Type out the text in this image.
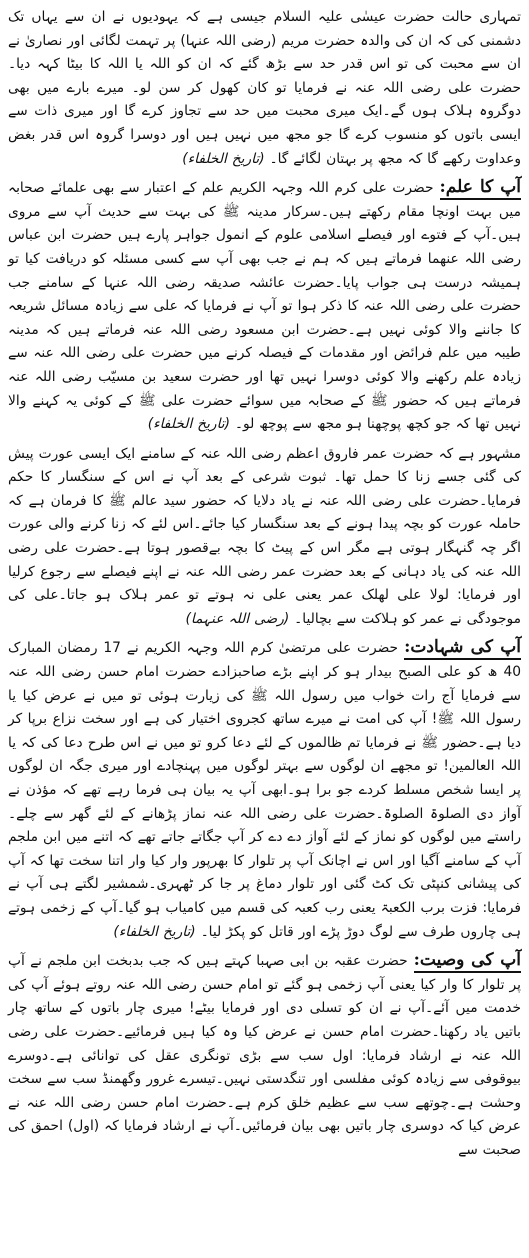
تمہاری حالت حضرت عیسٰی علیہ السلام جیسی ہے کہ یہودیوں نے ان سے یہاں تک دشمنی کی کہ ان کی والدہ حضرت مریم (رضی اللہ عنہا) پر تہمت لگائی اور نصاریٰ نے ان سے محبت کی تو اس قدر حد سے بڑھ گئے کہ ان کو اللہ یا اللہ کا بیٹا کہہ دیا۔حضرت علی رضی اللہ عنہ نے فرمایا تو کان کھول کر سن لو۔ میرے بارے میں بھی دوگروہ ہلاک ہوں گے۔ایک میری محبت میں حد سے تجاوز کرے گا اور میری ذات سے ایسی باتوں کو منسوب کرے گا جو مجھ میں نہیں ہیں اور دوسرا گروہ اس قدر بغض وعداوت رکھے گا کہ مجھ پر بہتان لگائے گا۔ (تاریخ الخلفاء)

آپ کا علم:حضرت علی کرم اللہ وجہہ الکریم علم کے اعتبار سے بھی علمائے صحابہ میں بہت اونچا مقام رکھتے ہیں۔سرکار مدینہ ﷺ کی بہت سے حدیث آپ سے مروی ہیں۔آپ کے فتوے اور فیصلے اسلامی علوم کے انمول جواہر پارے ہیں حضرت ابن عباس رضی اللہ عنھما فرماتے ہیں کہ ہم نے جب بھی آپ سے کسی مسئلہ کو دریافت کیا تو ہمیشہ درست ہی جواب پایا۔حضرت عائشہ صدیقہ رضی اللہ عنہا کے سامنے جب حضرت علی رضی اللہ عنہ کا ذکر ہوا تو آپ نے فرمایا کہ علی سے زیادہ مسائل شریعہ کا جاننے والا کوئی نہیں ہے۔حضرت ابن مسعود رضی اللہ عنہ فرماتے ہیں کہ مدینہ طیبہ میں علم فرائض اور مقدمات کے فیصلہ کرنے میں حضرت علی رضی اللہ عنہ سے زیادہ علم رکھنے والا کوئی دوسرا نہیں تھا اور حضرت سعید بن مسیّب رضی اللہ عنہ فرماتے ہیں کہ حضور ﷺ کے صحابہ میں سوائے حضرت علی ﷺ کے کوئی یہ کہنے والا نہیں تھا کہ جو کچھ پوچھنا ہو مجھ سے پوچھ لو۔ (تاریخ الخلفاء)

مشہور ہے کہ حضرت عمر فاروق اعظم رضی اللہ عنہ کے سامنے ایک ایسی عورت پیش کی گئی جسے زنا کا حمل تھا۔ ثبوت شرعی کے بعد آپ نے اس کے سنگسار کا حکم فرمایا۔حضرت علی رضی اللہ عنہ نے یاد دلایا کہ حضور سید عالم ﷺ کا فرمان ہے کہ حاملہ عورت کو بچہ پیدا ہونے کے بعد سنگسار کیا جائے۔اس لئے کہ زنا کرنے والی عورت اگر چہ گنہگار ہوتی ہے مگر اس کے پیٹ کا بچہ بےقصور ہوتا ہے۔حضرت علی رضی اللہ عنہ کی یاد دہانی کے بعد حضرت عمر رضی اللہ عنہ نے اپنے فیصلے سے رجوع کرلیا اور فرمایا: لولا علی لھلک عمر یعنی علی نہ ہوتے تو عمر ہلاک ہو جاتا۔علی کی موجودگی نے عمر کو ہلاکت سے بچالیا۔ (رضی اللہ عنہما)

آپ کی شہادت:حضرت علی مرتضیٰ کرم اللہ وجہہ الکریم نے 17 رمضان المبارک 40 ھ کو علی الصبح بیدار ہو کر اپنے بڑے صاحبزادے حضرت امام حسن رضی اللہ عنہ سے فرمایا آج رات خواب میں رسول اللہ ﷺ کی زیارت ہوئی تو میں نے عرض کیا یا رسول اللہ ﷺ! آپ کی امت نے میرے ساتھ کجروی اختیار کی ہے اور سخت نزاع برپا کر دیا ہے۔حضور ﷺ نے فرمایا تم ظالموں کے لئے دعا کرو تو میں نے اس طرح دعا کی کہ یا اللہ العالمین! تو مجھے ان لوگوں سے بہتر لوگوں میں پہنچادے اور میری جگہ ان لوگوں پر ایسا شخص مسلط کردے جو برا ہو۔ابھی آپ یہ بیان ہی فرما رہے تھے کہ مؤذن نے آواز دی الصلوۃ الصلوۃ۔حضرت علی رضی اللہ عنہ نماز پڑھانے کے لئے گھر سے چلے۔راستے میں لوگوں کو نماز کے لئے آواز دے دے کر آپ جگاتے جاتے تھے کہ اتنے میں ابن ملجم آپ کے سامنے آگیا اور اس نے اچانک آپ پر تلوار کا بھرپور وار کیا وار اتنا سخت تھا کہ آپ کی پیشانی کنپٹی تک کٹ گئی اور تلوار دماغ پر جا کر ٹھہری۔شمشیر لگتے ہی آپ نے فرمایا: فزت برب الکعبۃ یعنی رب کعبہ کی قسم میں کامیاب ہو گیا۔آپ کے زخمی ہوتے ہی چاروں طرف سے لوگ دوڑ پڑے اور قاتل کو پکڑ لیا۔ (تاریخ الخلفاء)

آپ کی وصیت:حضرت عقبہ بن ابی صہبا کہتے ہیں کہ جب بدبخت ابن ملجم نے آپ پر تلوار کا وار کیا یعنی آپ زخمی ہو گئے تو امام حسن رضی اللہ عنہ روتے ہوئے آپ کی خدمت میں آئے۔آپ نے ان کو تسلی دی اور فرمایا بیٹے! میری چار باتوں کے ساتھ چار باتیں یاد رکھنا۔حضرت امام حسن نے عرض کیا وہ کیا ہیں فرمائیے۔حضرت علی رضی اللہ عنہ نے ارشاد فرمایا: اول سب سے بڑی تونگری عقل کی توانائی ہے۔دوسرے بیوقوفی سے زیادہ کوئی مفلسی اور تنگدستی نہیں۔تیسرے غرور وگھمنڈ سب سے سخت وحشت ہے۔چوتھے سب سے عظیم خلق کرم ہے۔حضرت امام حسن رضی اللہ عنہ نے عرض کیا کہ دوسری چار باتیں بھی بیان فرمائیں۔آپ نے ارشاد فرمایا کہ (اول) احمق کی صحبت سے
